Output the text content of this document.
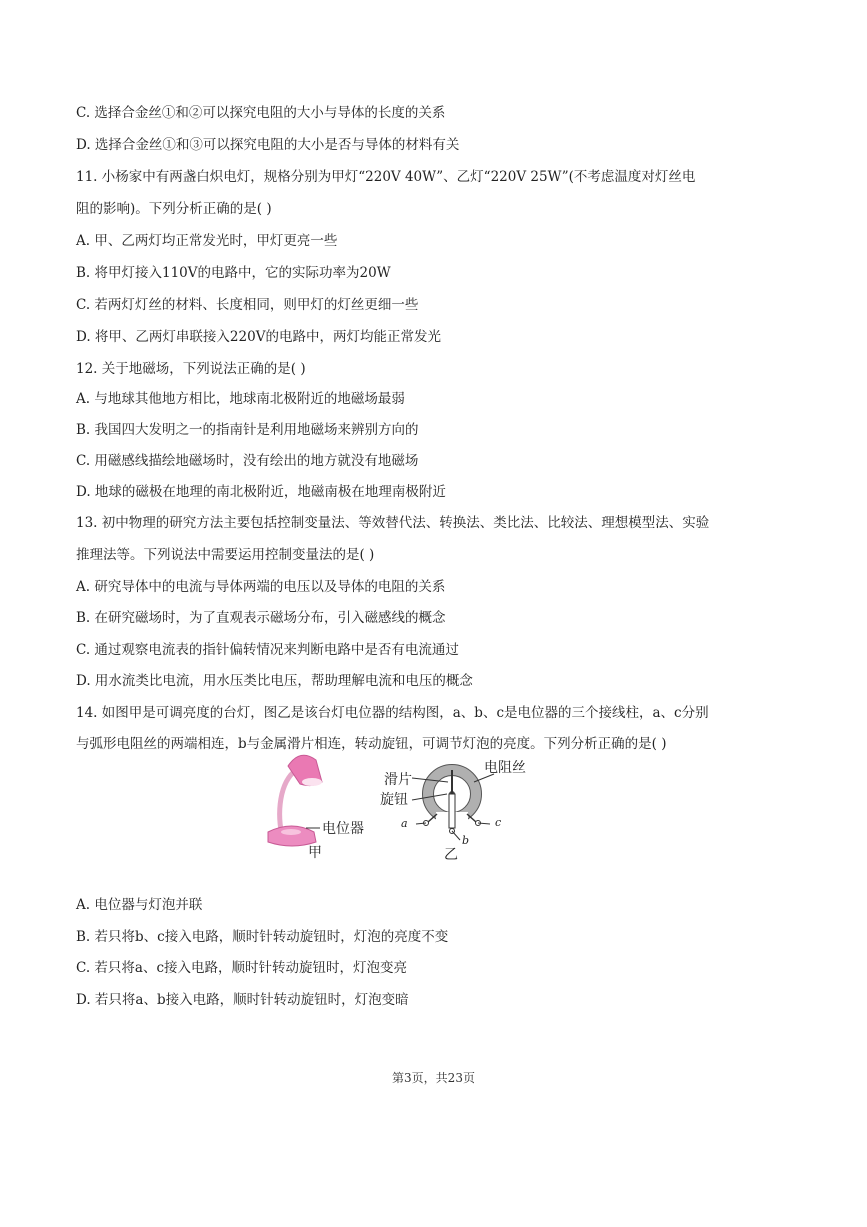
C. 选择合金丝①和②可以探究电阻的大小与导体的长度的关系
D. 选择合金丝①和③可以探究电阻的大小是否与导体的材料有关
11. 小杨家中有两盏白炽电灯，规格分别为甲灯“220V 40W”、乙灯“220V 25W”(不考虑温度对灯丝电
阻的影响)。下列分析正确的是( )
A. 甲、乙两灯均正常发光时，甲灯更亮一些
B. 将甲灯接入110V的电路中，它的实际功率为20W
C. 若两灯灯丝的材料、长度相同，则甲灯的灯丝更细一些
D. 将甲、乙两灯串联接入220V的电路中，两灯均能正常发光
12. 关于地磁场，下列说法正确的是( )
A. 与地球其他地方相比，地球南北极附近的地磁场最弱
B. 我国四大发明之一的指南针是利用地磁场来辨别方向的
C. 用磁感线描绘地磁场时，没有绘出的地方就没有地磁场
D. 地球的磁极在地理的南北极附近，地磁南极在地理南极附近
13. 初中物理的研究方法主要包括控制变量法、等效替代法、转换法、类比法、比较法、理想模型法、实验
推理法等。下列说法中需要运用控制变量法的是( )
A. 研究导体中的电流与导体两端的电压以及导体的电阻的关系
B. 在研究磁场时，为了直观表示磁场分布，引入磁感线的概念
C. 通过观察电流表的指针偏转情况来判断电路中是否有电流通过
D. 用水流类比电流，用水压类比电压，帮助理解电流和电压的概念
14. 如图甲是可调亮度的台灯，图乙是该台灯电位器的结构图，a、b、c是电位器的三个接线柱，a、c分别
与弧形电阻丝的两端相连，b与金属滑片相连，转动旋钮，可调节灯泡的亮度。下列分析正确的是( )
电位器
甲
滑片
旋钮
电阻丝
a	c
b
乙
A. 电位器与灯泡并联
B. 若只将b、c接入电路，顺时针转动旋钮时，灯泡的亮度不变
C. 若只将a、c接入电路，顺时针转动旋钮时，灯泡变亮
D. 若只将a、b接入电路，顺时针转动旋钮时，灯泡变暗
第3页，共23页
